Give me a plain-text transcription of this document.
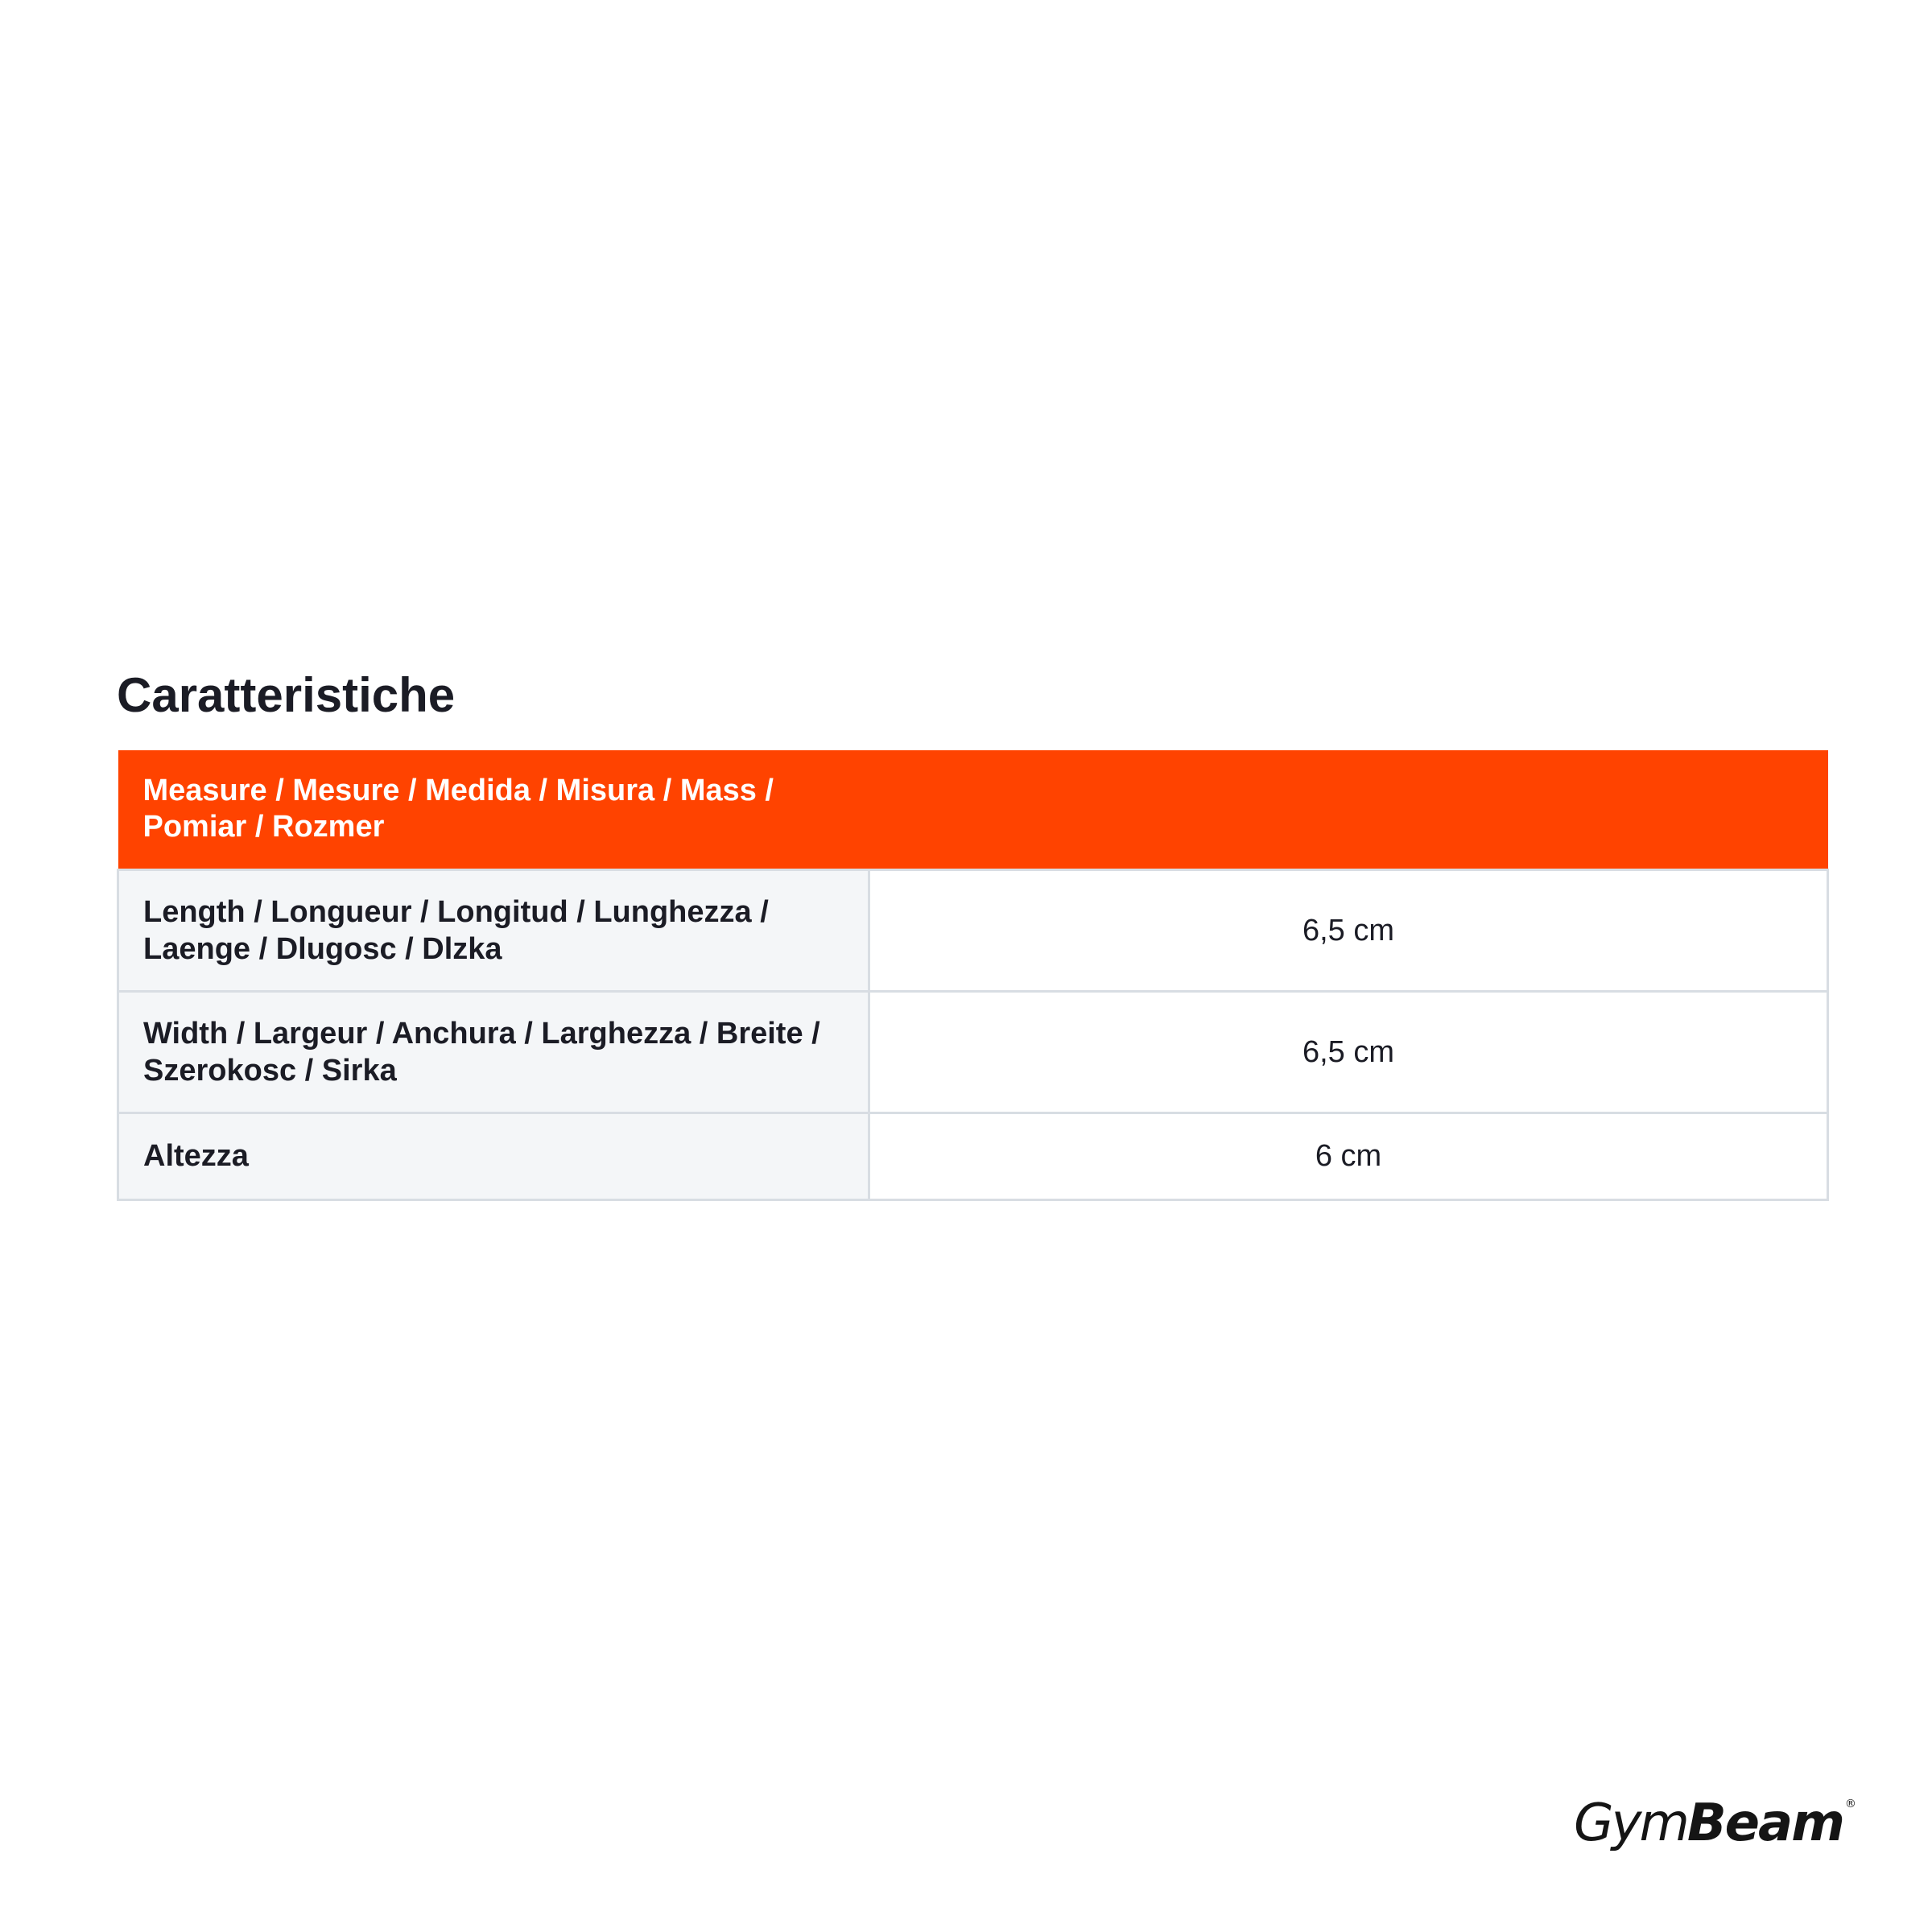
Caratteristiche
Measure / Mesure / Medida / Misura / Mass /
Pomiar / Rozmer	
Length / Longueur / Longitud / Lunghezza /
Laenge / Dlugosc / Dlzka	6,5 cm
Width / Largeur / Anchura / Larghezza / Breite /
Szerokosc / Sirka	6,5 cm
Altezza	6 cm
Gym Beam ®
